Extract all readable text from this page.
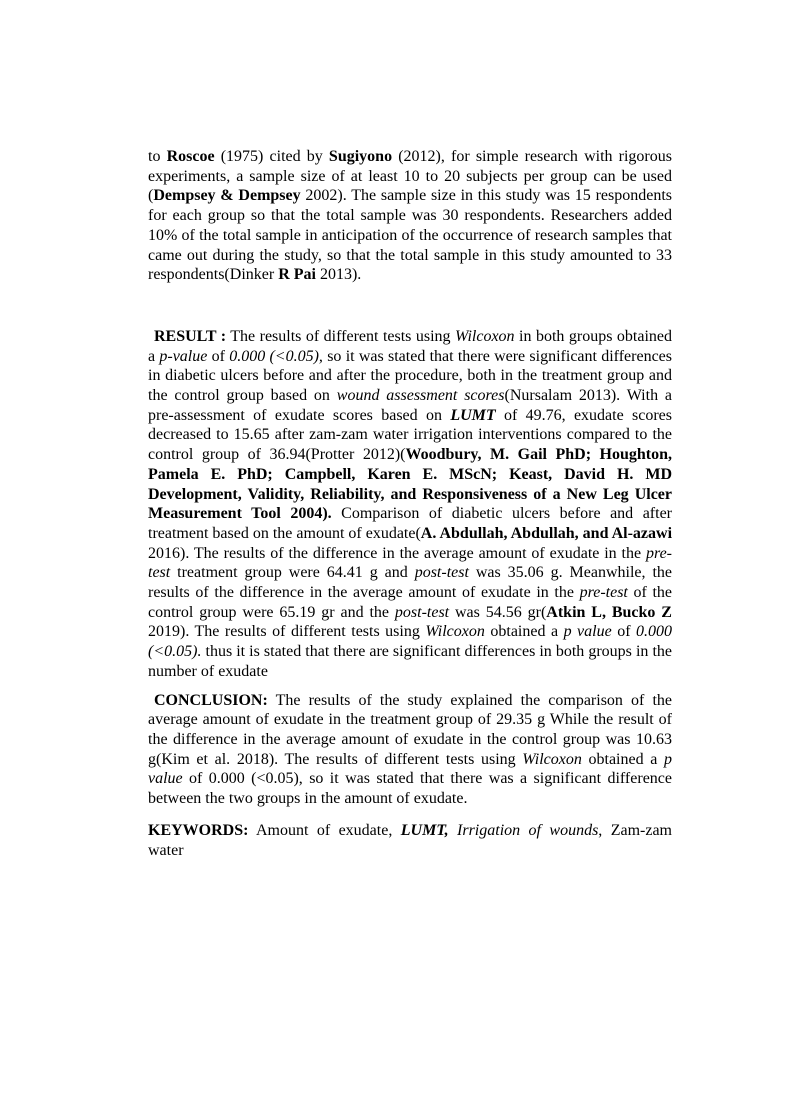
to Roscoe (1975) cited by Sugiyono (2012), for simple research with rigorous experiments, a sample size of at least 10 to 20 subjects per group can be used (Dempsey & Dempsey 2002). The sample size in this study was 15 respondents for each group so that the total sample was 30 respondents. Researchers added 10% of the total sample in anticipation of the occurrence of research samples that came out during the study, so that the total sample in this study amounted to 33 respondents(Dinker R Pai 2013).

RESULT : The results of different tests using Wilcoxon in both groups obtained a p-value of 0.000 (<0.05), so it was stated that there were significant differences in diabetic ulcers before and after the procedure, both in the treatment group and the control group based on wound assessment scores(Nursalam 2013). With a pre-assessment of exudate scores based on LUMT of 49.76, exudate scores decreased to 15.65 after zam-zam water irrigation interventions compared to the control group of 36.94(Protter 2012)(Woodbury, M. Gail PhD; Houghton, Pamela E. PhD; Campbell, Karen E. MScN; Keast, David H. MD Development, Validity, Reliability, and Responsiveness of a New Leg Ulcer Measurement Tool 2004). Comparison of diabetic ulcers before and after treatment based on the amount of exudate(A. Abdullah, Abdullah, and Al-azawi 2016). The results of the difference in the average amount of exudate in the pre-test treatment group were 64.41 g and post-test was 35.06 g. Meanwhile, the results of the difference in the average amount of exudate in the pre-test of the control group were 65.19 gr and the post-test was 54.56 gr(Atkin L, Bucko Z 2019). The results of different tests using Wilcoxon obtained a p value of 0.000 (<0.05). thus it is stated that there are significant differences in both groups in the number of exudate

CONCLUSION: The results of the study explained the comparison of the average amount of exudate in the treatment group of 29.35 g While the result of the difference in the average amount of exudate in the control group was 10.63 g(Kim et al. 2018). The results of different tests using Wilcoxon obtained a p value of 0.000 (<0.05), so it was stated that there was a significant difference between the two groups in the amount of exudate.

KEYWORDS: Amount of exudate, LUMT, Irrigation of wounds, Zam-zam water
